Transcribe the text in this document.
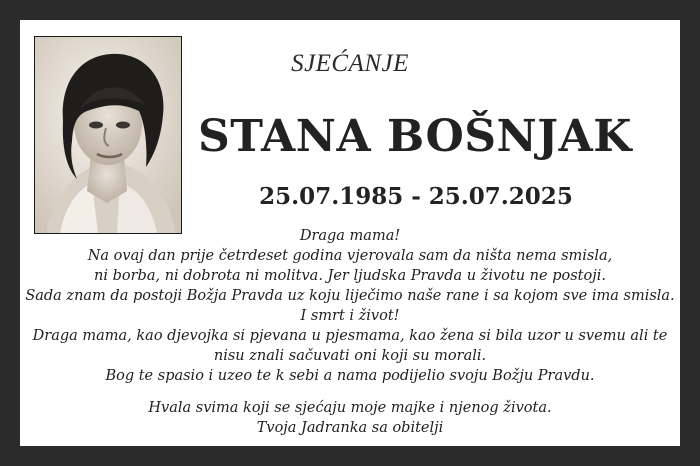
SJEĆANJE
STANA BOŠNJAK
25.07.1985 - 25.07.2025

Draga mama!

Na ovaj dan prije četrdeset godina vjerovala sam da ništa nema smisla,

ni borba, ni dobrota ni molitva. Jer ljudska Pravda u životu ne postoji.

Sada znam da postoji Božja Pravda uz koju liječimo naše rane i sa kojom sve ima smisla.

I smrt i život!

Draga mama, kao djevojka si pjevana u pjesmama, kao žena si bila uzor u svemu ali te

nisu znali sačuvati oni koji su morali.

Bog te spasio i uzeo te k sebi a nama podijelio svoju Božju Pravdu.

Hvala svima koji se sjećaju moje majke i njenog života.

Tvoja Jadranka sa obitelji
